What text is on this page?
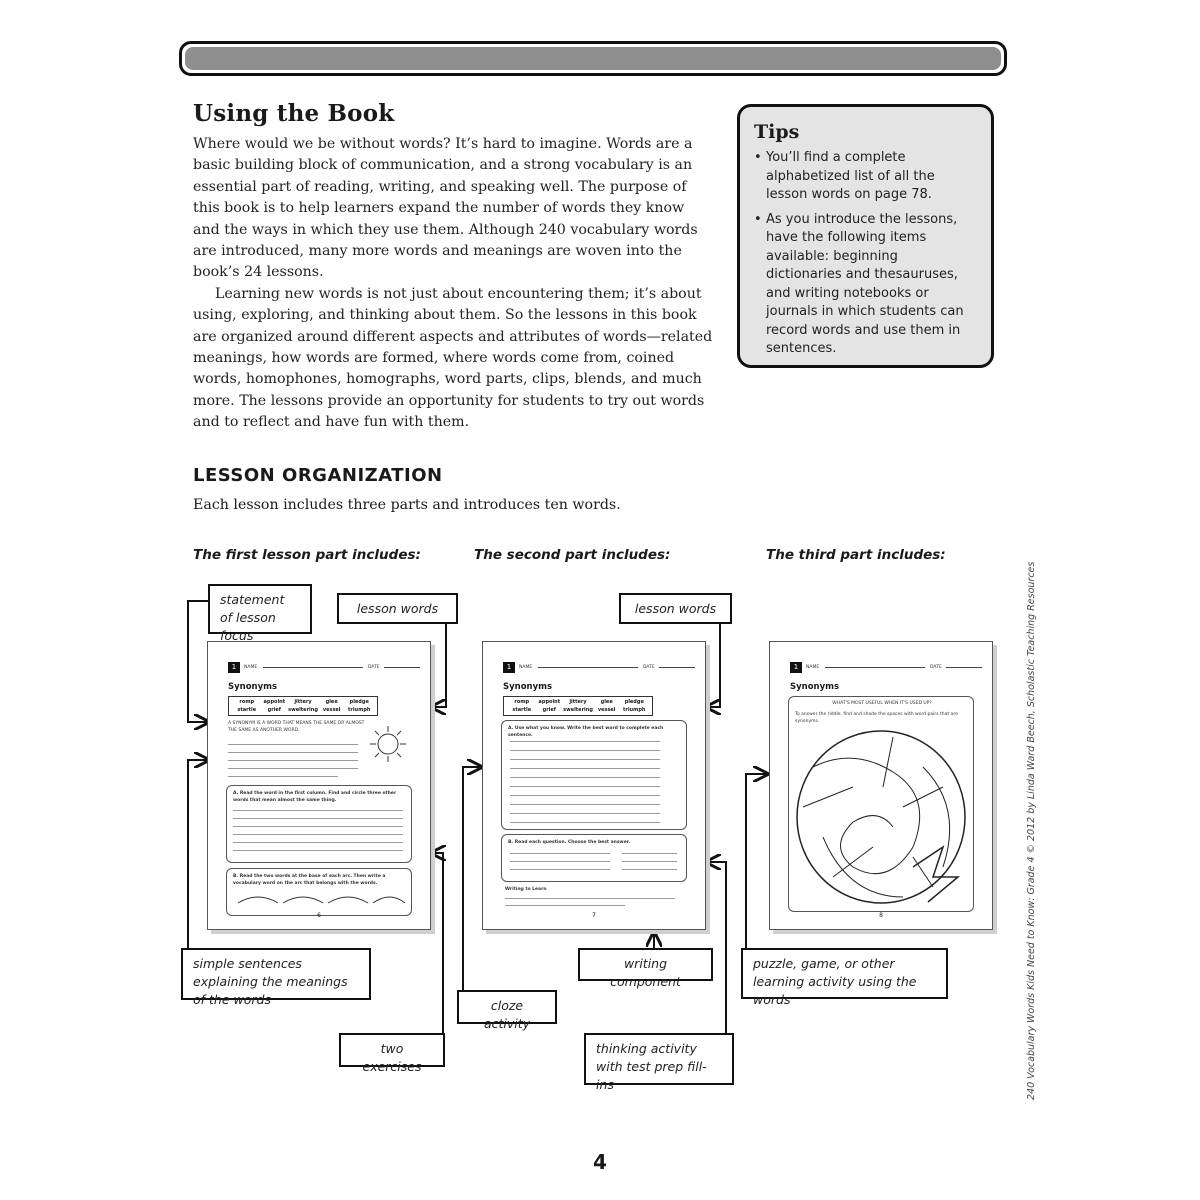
Using the Book

Where would we be without words? It’s hard to imagine. Words are a basic building block of communication, and a strong vocabulary is an essential part of reading, writing, and speaking well. The purpose of this book is to help learners expand the number of words they know and the ways in which they use them. Although 240 vocabulary words are introduced, many more words and meanings are woven into the book’s 24 lessons.

Learning new words is not just about encountering them; it’s about using, exploring, and thinking about them. So the lessons in this book are organized around different aspects and attributes of words—related meanings, how words are formed, where words come from, coined words, homophones, homographs, word parts, clips, blends, and much more. The lessons provide an opportunity for students to try out words and to reflect and have fun with them.

Tips
• You’ll find a complete alphabetized list of all the lesson words on page 78.
• As you introduce the lessons, have the following items available: beginning dictionaries and thesauruses, and writing notebooks or journals in which students can record words and use them in sentences.
LESSON ORGANIZATION
Each lesson includes three parts and introduces ten words.
The first lesson part includes:	The second part includes:	The third part includes:
1	NAME	DATE
Synonyms
romp	appoint	jittery	glee	pledge
startle	grief	sweltering vessel	triumph
A SYNONYM IS A WORD THAT MEANS THE SAME OR ALMOST THE SAME AS ANOTHER WORD.
A. Read the word in the first column. Find and circle three other words that mean almost the same thing.
B. Read the two words at the base of each arc. Then write a vocabulary word on the arc that belongs with the words.
6
1	NAME	DATE
Synonyms
romp	appoint	jittery	glee	pledge
startle	grief	sweltering vessel	triumph
A. Use what you know. Write the best word to complete each sentence.
B. Read each question. Choose the best answer.
Writing to Learn
7
1	NAME	DATE
Synonyms
WHAT'S MOST USEFUL WHEN IT'S USED UP?
To answer the riddle, find and shade the spaces with word pairs that are synonyms.
8
statement of lesson focus
lesson words	lesson words
simple sentences explaining the meanings of the words
two exercises
cloze activity
writing component
thinking activity with test prep fill-ins
puzzle, game, or other learning activity using the words	240 Vocabulary Words Kids Need to Know: Grade 4 © 2012 by Linda Ward Beech, Scholastic Teaching Resources
4
